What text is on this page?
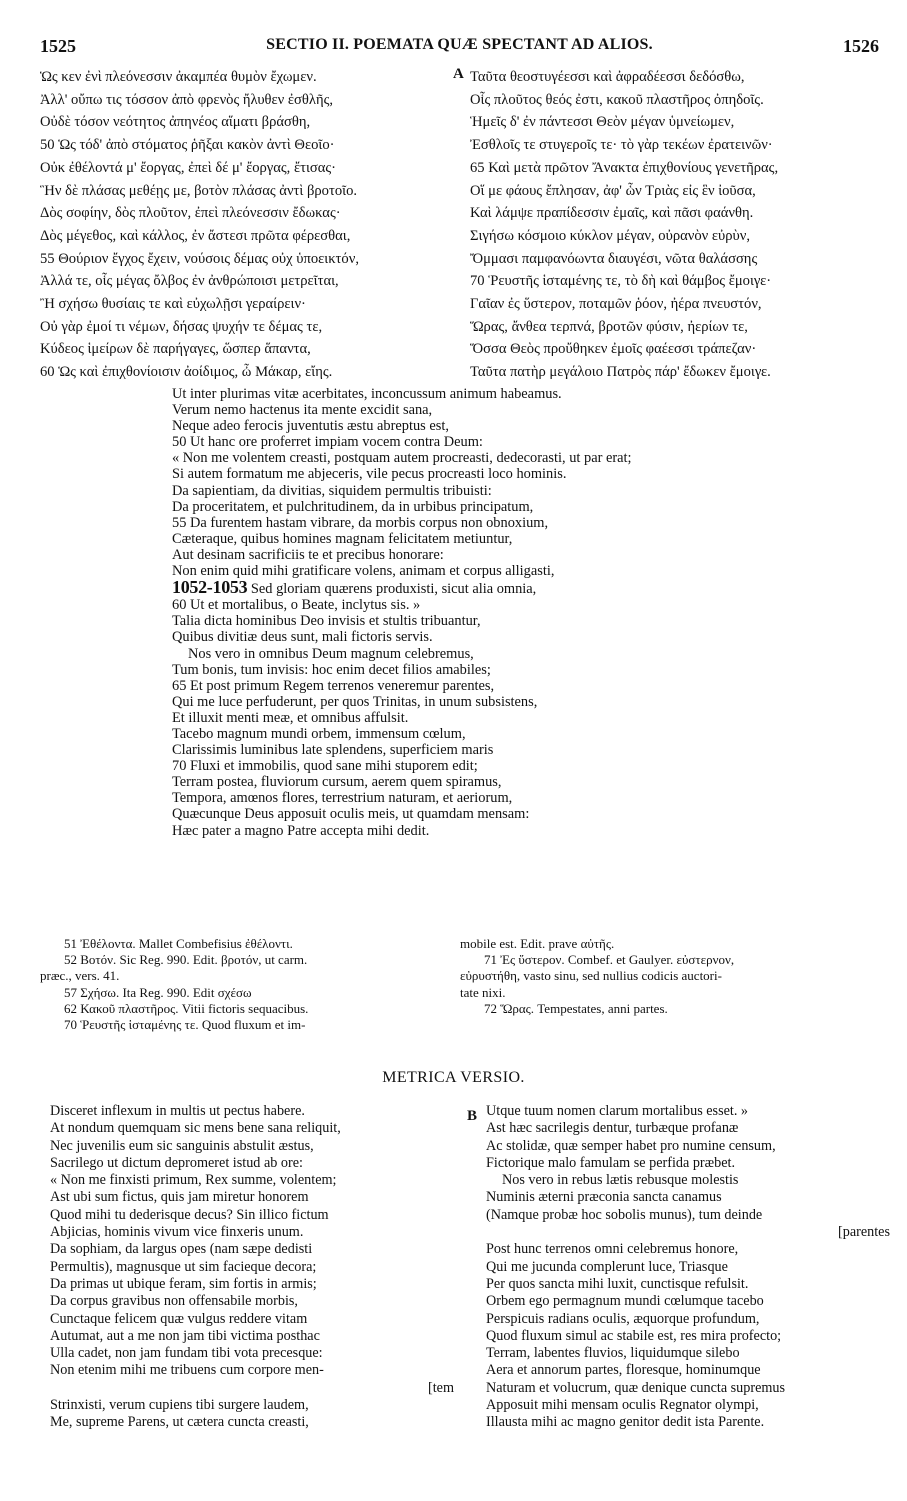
1525	SECTIO II. POEMATA QUÆ SPECTANT AD ALIOS.	1526
Ὡς κεν ἐνὶ πλεόνεσσιν ἀκαμπέα θυμὸν ἔχωμεν.
Ἀλλ' οὔπω τις τόσσον ἀπὸ φρενὸς ἤλυθεν ἐσθλῆς,
Οὐδὲ τόσον νεότητος ἀπηνέος αἵματι βράσθη,
50 Ὡς τόδ' ἀπὸ στόματος ῥῆξαι κακὸν ἀντὶ Θεοῖο·
Οὐκ ἐθέλοντά μ' ἔοργας, ἐπεὶ δέ μ' ἔοργας, ἔτισας·
Ἣν δὲ πλάσας μεθέῃς με, βοτὸν πλάσας ἀντὶ βροτοῖο.
Δὸς σοφίην, δὸς πλοῦτον, ἐπεὶ πλεόνεσσιν ἔδωκας·
Δὸς μέγεθος, καὶ κάλλος, ἐν ἄστεσι πρῶτα φέρεσθαι,
55 Θούριον ἔγχος ἔχειν, νούσοις δέμας οὐχ ὑποεικτόν,
Ἀλλά τε, οἷς μέγας ὄλβος ἐν ἀνθρώποισι μετρεῖται,
Ἢ σχήσω θυσίαις τε καὶ εὐχωλῇσι γεραίρειν·
Οὐ γὰρ ἐμοί τι νέμων, δήσας ψυχήν τε δέμας τε,
Κύδεος ἱμείρων δὲ παρήγαγες, ὥσπερ ἅπαντα,
60 Ὡς καὶ ἐπιχθονίοισιν ἀοίδιμος, ὦ Μάκαρ, εἴης.
A Ταῦτα θεοστυγέεσσι καὶ ἀφραδέεσσι δεδόσθω,
Οἷς πλοῦτος θεός ἐστι, κακοῦ πλαστῆρος ὀπηδοῖς.
Ἡμεῖς δ' ἐν πάντεσσι Θεὸν μέγαν ὑμνείωμεν,
Ἐσθλοῖς τε στυγεροῖς τε· τὸ γὰρ τεκέων ἐρατεινῶν·
65 Καὶ μετὰ πρῶτον Ἄνακτα ἐπιχθονίους γενετῆρας,
Οἵ με φάους ἔπλησαν, ἀφ' ὧν Τριὰς εἰς ἓν ἰοῦσα,
Καὶ λάμψε πραπίδεσσιν ἐμαῖς, καὶ πᾶσι φαάνθη.
Σιγήσω κόσμοιο κύκλον μέγαν, οὐρανὸν εὐρὺν,
Ὄμμασι παμφανόωντα διαυγέσι, νῶτα θαλάσσης
70 Ῥευστῆς ἱσταμένης τε, τὸ δὴ καὶ θάμβος ἔμοιγε·
Γαῖαν ἐς ὕστερον, ποταμῶν ῥόον, ἠέρα πνευστόν,
Ὥρας, ἄνθεα τερπνά, βροτῶν φύσιν, ἠερίων τε,
Ὅσσα Θεὸς προὔθηκεν ἐμοῖς φαέεσσι τράπεζαν·
Ταῦτα πατὴρ μεγάλοιο Πατρὸς πάρ' ἔδωκεν ἔμοιγε.
Ut inter plurimas vitæ acerbitates, inconcussum animum habeamus.
Verum nemo hactenus ita mente excidit sana,
Neque adeo ferocis juventutis æstu abreptus est,
50 Ut hanc ore proferret impiam vocem contra Deum:
« Non me volentem creasti, postquam autem procreasti, dedecorasti, ut par erat;
Si autem formatum me abjeceris, vile pecus procreasti loco hominis.
Da sapientiam, da divitias, siquidem permultis tribuisti:
Da proceritatem, et pulchritudinem, da in urbibus principatum,
55 Da furentem hastam vibrare, da morbis corpus non obnoxium,
Cæteraque, quibus homines magnam felicitatem metiuntur,
Aut desinam sacrificiis te et precibus honorare:
Non enim quid mihi gratificare volens, animam et corpus alligasti,
1052-1053 Sed gloriam quærens produxisti, sicut alia omnia,
60 Ut et mortalibus, o Beate, inclytus sis. »
Talia dicta hominibus Deo invisis et stultis tribuantur,
Quibus divitiæ deus sunt, mali fictoris servis.
Nos vero in omnibus Deum magnum celebremus,
Tum bonis, tum invisis: hoc enim decet filios amabiles;
65 Et post primum Regem terrenos veneremur parentes,
Qui me luce perfuderunt, per quos Trinitas, in unum subsistens,
Et illuxit menti meæ, et omnibus affulsit.
Tacebo magnum mundi orbem, immensum cœlum,
Clarissimis luminibus late splendens, superficiem maris
70 Fluxi et immobilis, quod sane mihi stuporem edit;
Terram postea, fluviorum cursum, aerem quem spiramus,
Tempora, amœnos flores, terrestrium naturam, et aeriorum,
Quæcunque Deus apposuit oculis meis, ut quamdam mensam:
Hæc pater a magno Patre accepta mihi dedit.
51 Ἐθέλοντα. Mallet Combefisius ἐθέλοντι.
52 Βοτόν. Sic Reg. 990. Edit. βροτόν, ut carm.
præc., vers. 41.
57 Σχήσω. Ita Reg. 990. Edit σχέσω
62 Κακοῦ πλαστῆρος. Vitii fictoris sequacibus.
70 Ῥευστῆς ἱσταμένης τε. Quod fluxum et im-
mobile est. Edit. prave αὐτῆς.
71 Ἐς ὕστερον. Combef. et Gaulyer. εὐστερνον,
εὐρυστήθη, vasto sinu, sed nullius codicis auctori-
tate nixi.
72 Ὥρας. Tempestates, anni partes.
METRICA VERSIO.
Disceret inflexum in multis ut pectus habere.
At nondum quemquam sic mens bene sana reliquit,
Nec juvenilis eum sic sanguinis abstulit æstus,
Sacrilego ut dictum depromeret istud ab ore:
« Non me finxisti primum, Rex summe, volentem;
Ast ubi sum fictus, quis jam miretur honorem
Quod mihi tu dederisque decus? Sin illico fictum
Abjicias, hominis vivum vice finxeris unum.
Da sophiam, da largus opes (nam sæpe dedisti
Permultis), magnusque ut sim facieque decora;
Da primas ut ubique feram, sim fortis in armis;
Da corpus gravibus non offensabile morbis,
Cunctaque felicem quæ vulgus reddere vitam
Autumat, aut a me non jam tibi victima posthac
Ulla cadet, non jam fundam tibi vota precesque:
Non etenim mihi me tribuens cum corpore men-
[tem
Strinxisti, verum cupiens tibi surgere laudem,
Me, supreme Parens, ut cætera cuncta creasti,
B Utque tuum nomen clarum mortalibus esset. »
Ast hæc sacrilegis dentur, turbæque profanæ
Ac stolidæ, quæ semper habet pro numine censum,
Fictorique malo famulam se perfida præbet.
Nos vero in rebus lætis rebusque molestis
Numinis æterni præconia sancta canamus
(Namque probæ hoc sobolis munus), tum deinde
[parentes
Post hunc terrenos omni celebremus honore,
Qui me jucunda complerunt luce, Triasque
Per quos sancta mihi luxit, cunctisque refulsit.
Orbem ego permagnum mundi cœlumque tacebo
Perspicuis radians oculis, æquorque profundum,
Quod fluxum simul ac stabile est, res mira profecto;
Terram, labentes fluvios, liquidumque silebo
Aera et annorum partes, floresque, hominumque
Naturam et volucrum, quæ denique cuncta supremus
Apposuit mihi mensam oculis Regnator olympi,
Illausta mihi ac magno genitor dedit ista Parente.
